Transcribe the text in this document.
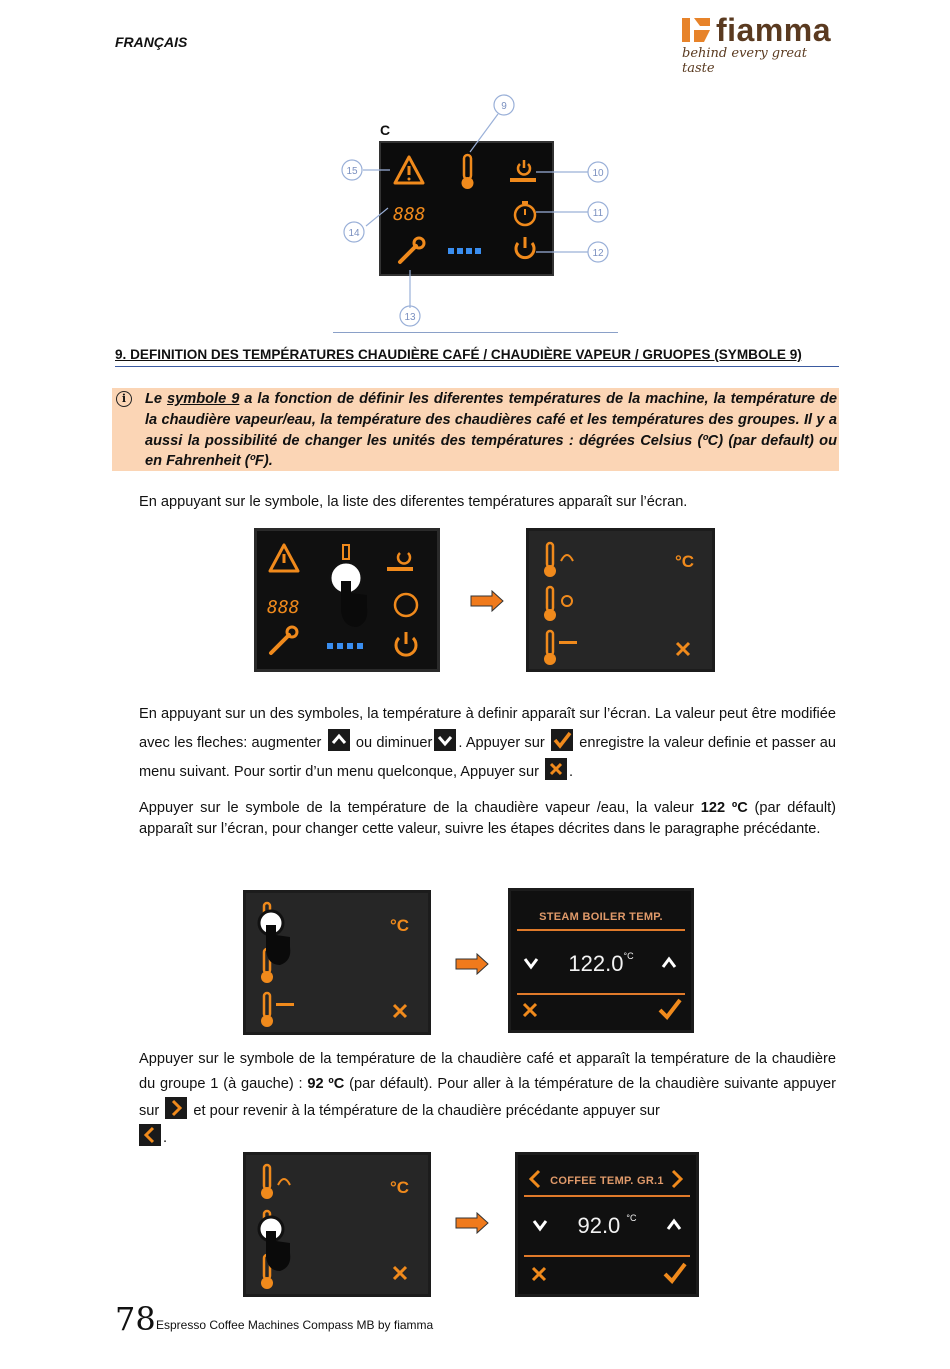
FRANÇAIS	fiamma
behind every great taste
C
888
9
10
11
12
13
14
15
9. DEFINITION DES TEMPÉRATURES CHAUDIÈRE CAFÉ / CHAUDIÈRE VAPEUR / GRUOPES (SYMBOLE 9)
i	Le symbole 9 a la fonction de définir les diferentes températures de la machine, la température de la chaudière vapeur/eau, la température des chaudières café et les températures des groupes. Il y a aussi la possibilité de changer les unités des températures : dégrées Celsius (ºC) (par default) ou en Fahrenheit (ºF).
En appuyant sur le symbole, la liste des diferentes températures apparaît sur l’écran.
888
°C
En appuyant sur un des symboles, la température à definir apparaît sur l’écran. La valeur peut être modifiée avec les fleches: augmenter  ou diminuer . Appuyer sur  enregistre la valeur definie et passer au menu suivant. Pour sortir d’un menu quelconque, Appuyer sur .
Appuyer sur le symbole de la température de la chaudière vapeur /eau, la valeur 122 ºC (par défault) apparaît sur l’écran, pour changer cette valeur, suivre les étapes décrites dans le paragraphe précédante.
°C	STEAM BOILER TEMP.
$122.0^{^\circ C}$
Appuyer sur le symbole de la température de la chaudière café et apparaît la température de la chaudière du groupe 1 (à gauche) : 92 ºC (par défault). Pour aller à la témpérature de la chaudière suivante appuyer sur  et pour revenir à la témpérature de la chaudière précédante appuyer sur
.
°C	COFFEE TEMP. GR.1
92.0 $^{^\circ C}$
78 Espresso Coffee Machines Compass MB by fiamma
